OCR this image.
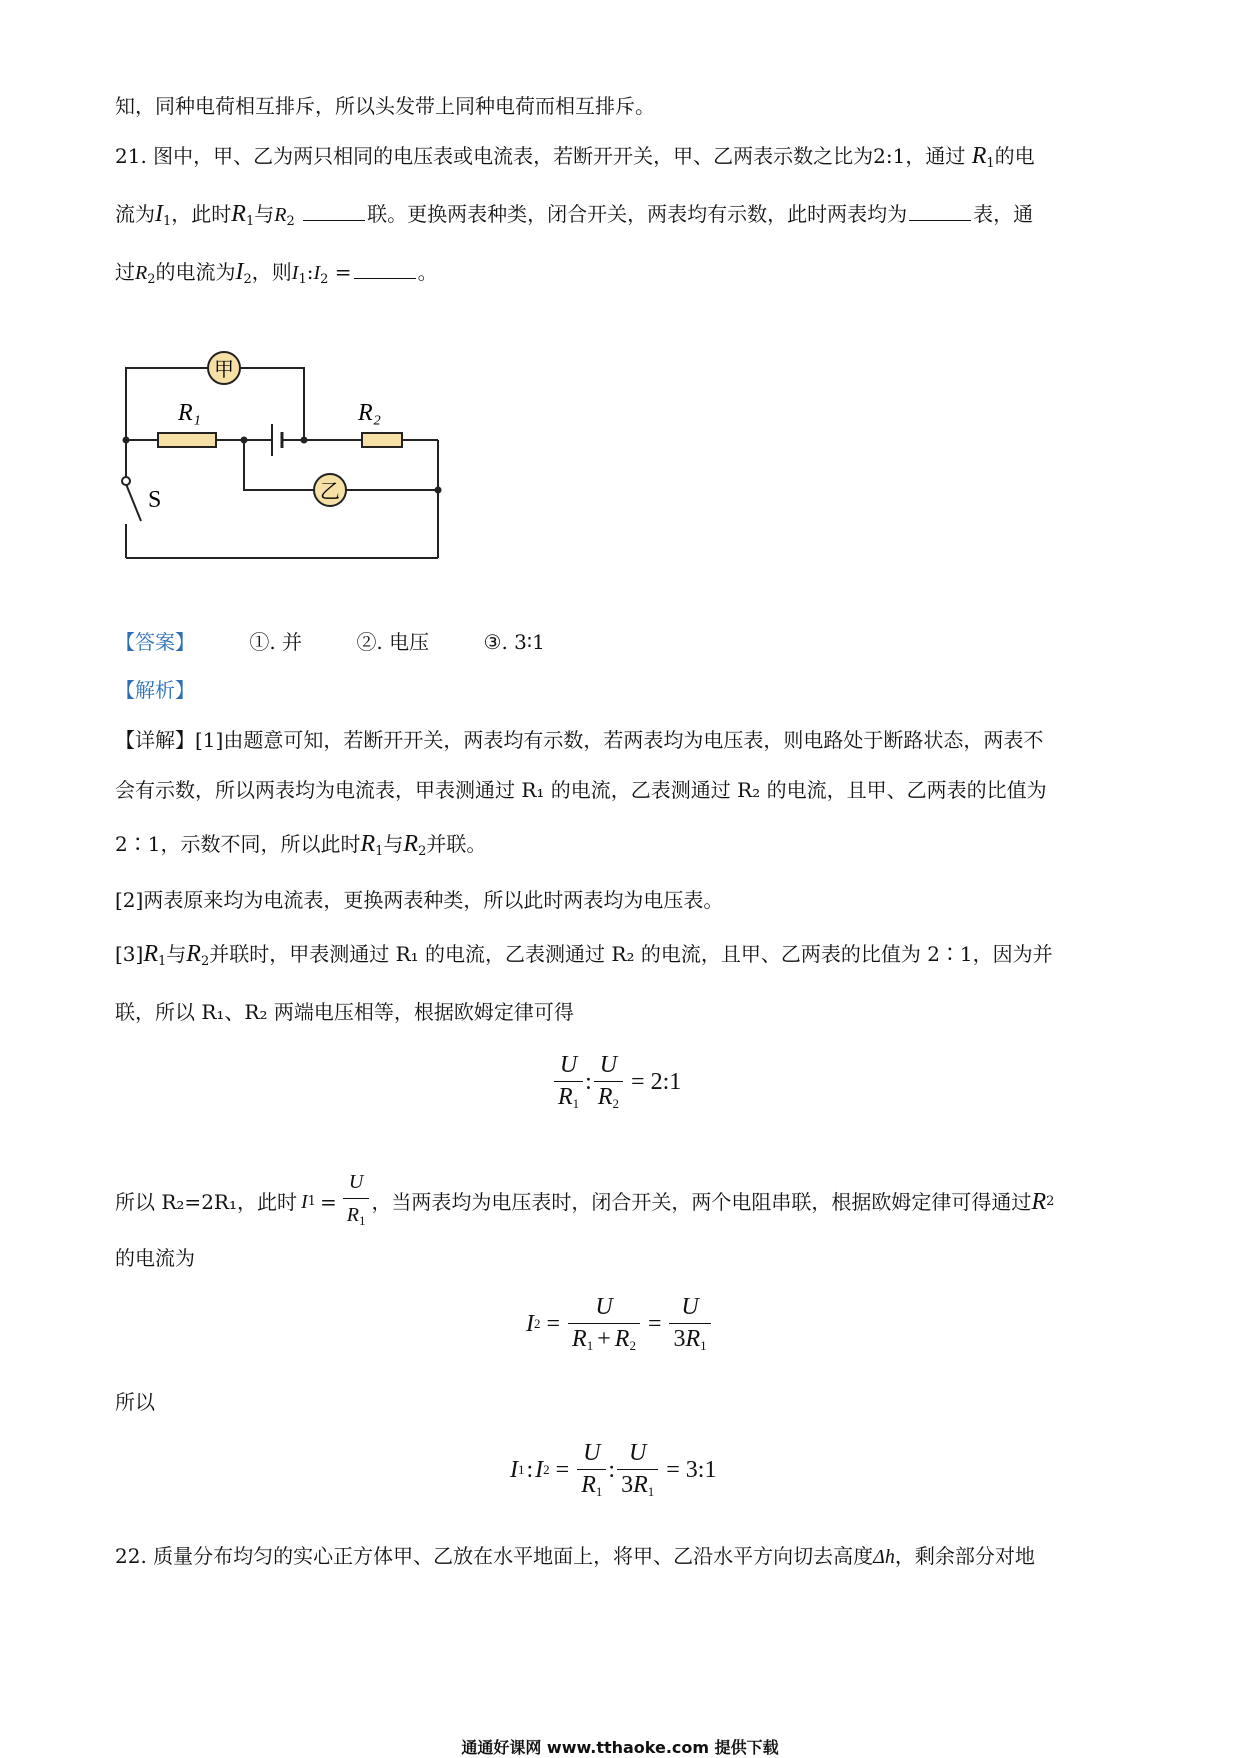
知，同种电荷相互排斥，所以头发带上同种电荷而相互排斥。
21. 图中，甲、乙为两只相同的电压表或电流表，若断开开关，甲、乙两表示数之比为2:1，通过 $R_1$的电
流为$I_1$，此时$R_1$与$R_2$	联。更换两表种类，闭合开关，两表均有示数，此时两表均为	表，通
过$R_2$的电流为$I_2$，则$I_1:I_2$ =	。
甲
乙
R₁	R₂
S
【答案】	①. 并	②. 电压	③. 3∶1
【解析】
【详解】[1]由题意可知，若断开开关，两表均有示数，若两表均为电压表，则电路处于断路状态，两表不
会有示数，所以两表均为电流表，甲表测通过 R₁ 的电流，乙表测通过 R₂ 的电流，且甲、乙两表的比值为
2∶1，示数不同，所以此时$R_1$与$R_2$并联。
[2]两表原来均为电流表，更换两表种类，所以此时两表均为电压表。
$[3]R_1$与$R_2$并联时，甲表测通过 R₁ 的电流，乙表测通过 R₂ 的电流，且甲、乙两表的比值为 2∶1，因为并
联，所以 R₁、R₂ 两端电压相等，根据欧姆定律可得
$\frac{U}{R_1}$ : $\frac{U}{R_2}$ = 2:1
所以 R₂=2R₁，此时 I $1 = \frac{U}{R_1}$ ，当两表均为电压表时，闭合开关，两个电阻串联，根据欧姆定律可得通过 R 2
的电流为
I $2 = \frac{U}{R_1 + R_2} = \frac{U}{3R_1}$
所以
I 1 : I $2 = \frac{U}{R_1}$ : $\frac{U}{3R_1}$ = 3:1
22. 质量分布均匀的实心正方体甲、乙放在水平地面上，将甲、乙沿水平方向切去高度Δh，剩余部分对地
通通好课网 www.tthaoke.com 提供下载
